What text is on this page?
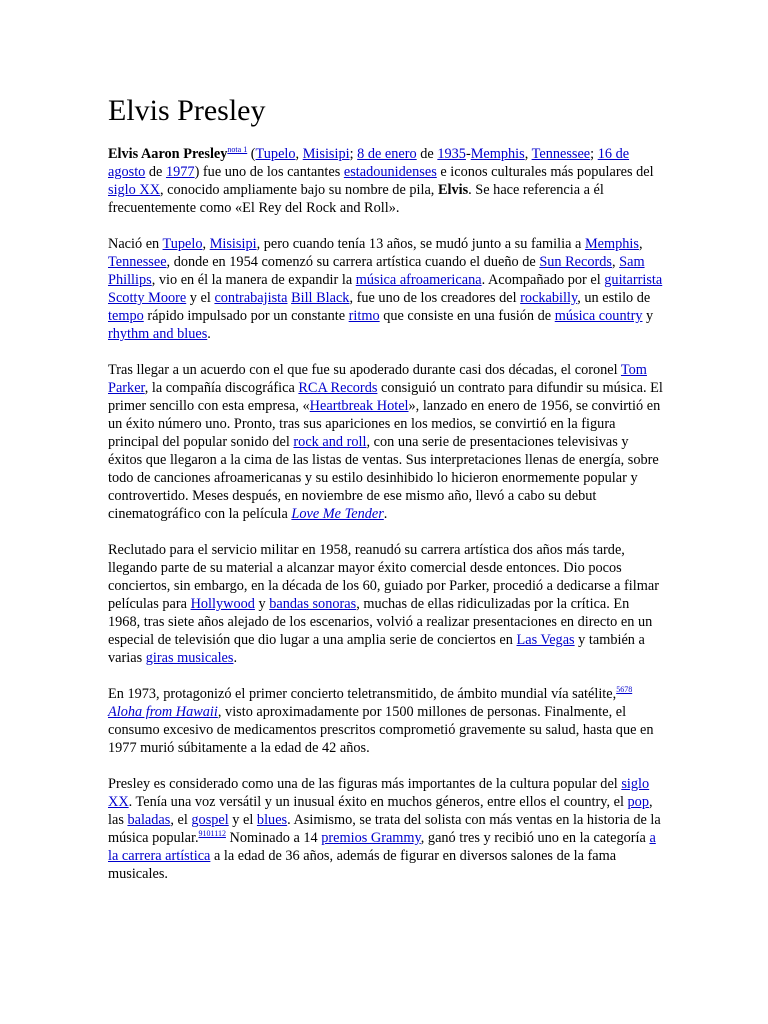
Elvis Presley

Elvis Aaron Presley$^{nota 1}$ (Tupelo, Misisipi; 8 de enero de 1935-Memphis, Tennessee; 16 de agosto de 1977) fue uno de los cantantes estadounidenses e iconos culturales más populares del siglo XX, conocido ampliamente bajo su nombre de pila, Elvis. Se hace referencia a él frecuentemente como «El Rey del Rock and Roll».

Nació en Tupelo, Misisipi, pero cuando tenía 13 años, se mudó junto a su familia a Memphis, Tennessee, donde en 1954 comenzó su carrera artística cuando el dueño de Sun Records, Sam Phillips, vio en él la manera de expandir la música afroamericana. Acompañado por el guitarrista Scotty Moore y el contrabajista Bill Black, fue uno de los creadores del rockabilly, un estilo de tempo rápido impulsado por un constante ritmo que consiste en una fusión de música country y rhythm and blues.

Tras llegar a un acuerdo con el que fue su apoderado durante casi dos décadas, el coronel Tom Parker, la compañía discográfica RCA Records consiguió un contrato para difundir su música. El primer sencillo con esta empresa, «Heartbreak Hotel», lanzado en enero de 1956, se convirtió en un éxito número uno. Pronto, tras sus apariciones en los medios, se convirtió en la figura principal del popular sonido del rock and roll, con una serie de presentaciones televisivas y éxitos que llegaron a la cima de las listas de ventas. Sus interpretaciones llenas de energía, sobre todo de canciones afroamericanas y su estilo desinhibido lo hicieron enormemente popular y controvertido. Meses después, en noviembre de ese mismo año, llevó a cabo su debut cinematográfico con la película Love Me Tender.

Reclutado para el servicio militar en 1958, reanudó su carrera artística dos años más tarde, llegando parte de su material a alcanzar mayor éxito comercial desde entonces. Dio pocos conciertos, sin embargo, en la década de los 60, guiado por Parker, procedió a dedicarse a filmar películas para Hollywood y bandas sonoras, muchas de ellas ridiculizadas por la crítica. En 1968, tras siete años alejado de los escenarios, volvió a realizar presentaciones en directo en un especial de televisión que dio lugar a una amplia serie de conciertos en Las Vegas y también a varias giras musicales.

En 1973, protagonizó el primer concierto teletransmitido, de ámbito mundial vía satélite,$^{5678}$ Aloha from Hawaii, visto aproximadamente por 1500 millones de personas. Finalmente, el consumo excesivo de medicamentos prescritos comprometió gravemente su salud, hasta que en 1977 murió súbitamente a la edad de 42 años.

Presley es considerado como una de las figuras más importantes de la cultura popular del siglo XX. Tenía una voz versátil y un inusual éxito en muchos géneros, entre ellos el country, el pop, las baladas, el gospel y el blues. Asimismo, se trata del solista con más ventas en la historia de la música popular.$^{9101112}$ Nominado a 14 premios Grammy, ganó tres y recibió uno en la categoría a la carrera artística a la edad de 36 años, además de figurar en diversos salones de la fama musicales.
